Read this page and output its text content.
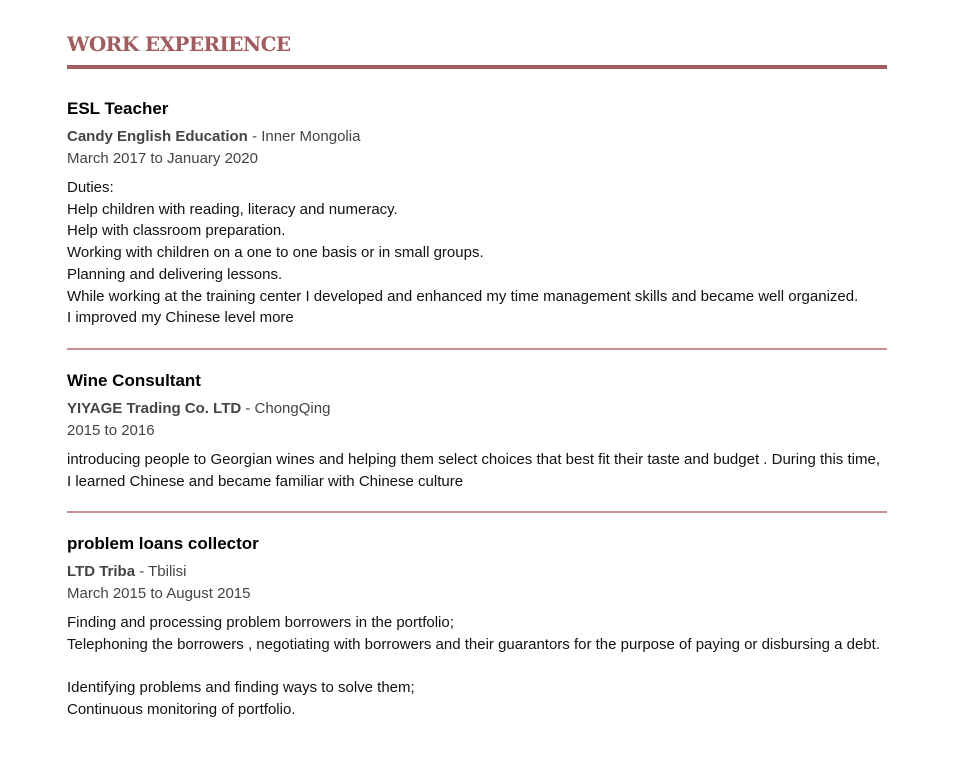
WORK EXPERIENCE
ESL Teacher
Candy English Education - Inner Mongolia
March 2017 to January 2020
Duties:
Help children with reading, literacy and numeracy.
Help with classroom preparation.
Working with children on a one to one basis or in small groups.
Planning and delivering lessons.
While working at the training center I developed and enhanced my time management skills and became well organized.
I improved my Chinese level more
Wine Consultant
YIYAGE Trading Co. LTD - ChongQing
2015 to 2016
introducing people to Georgian wines and helping them select choices that best fit their taste and budget . During this time,
I learned Chinese and became familiar with Chinese culture
problem loans collector
LTD Triba - Tbilisi
March 2015 to August 2015
Finding and processing problem borrowers in the portfolio;
Telephoning the borrowers , negotiating with borrowers and their guarantors for the purpose of paying or disbursing a debt.
Identifying problems and finding ways to solve them;
Continuous monitoring of portfolio.
